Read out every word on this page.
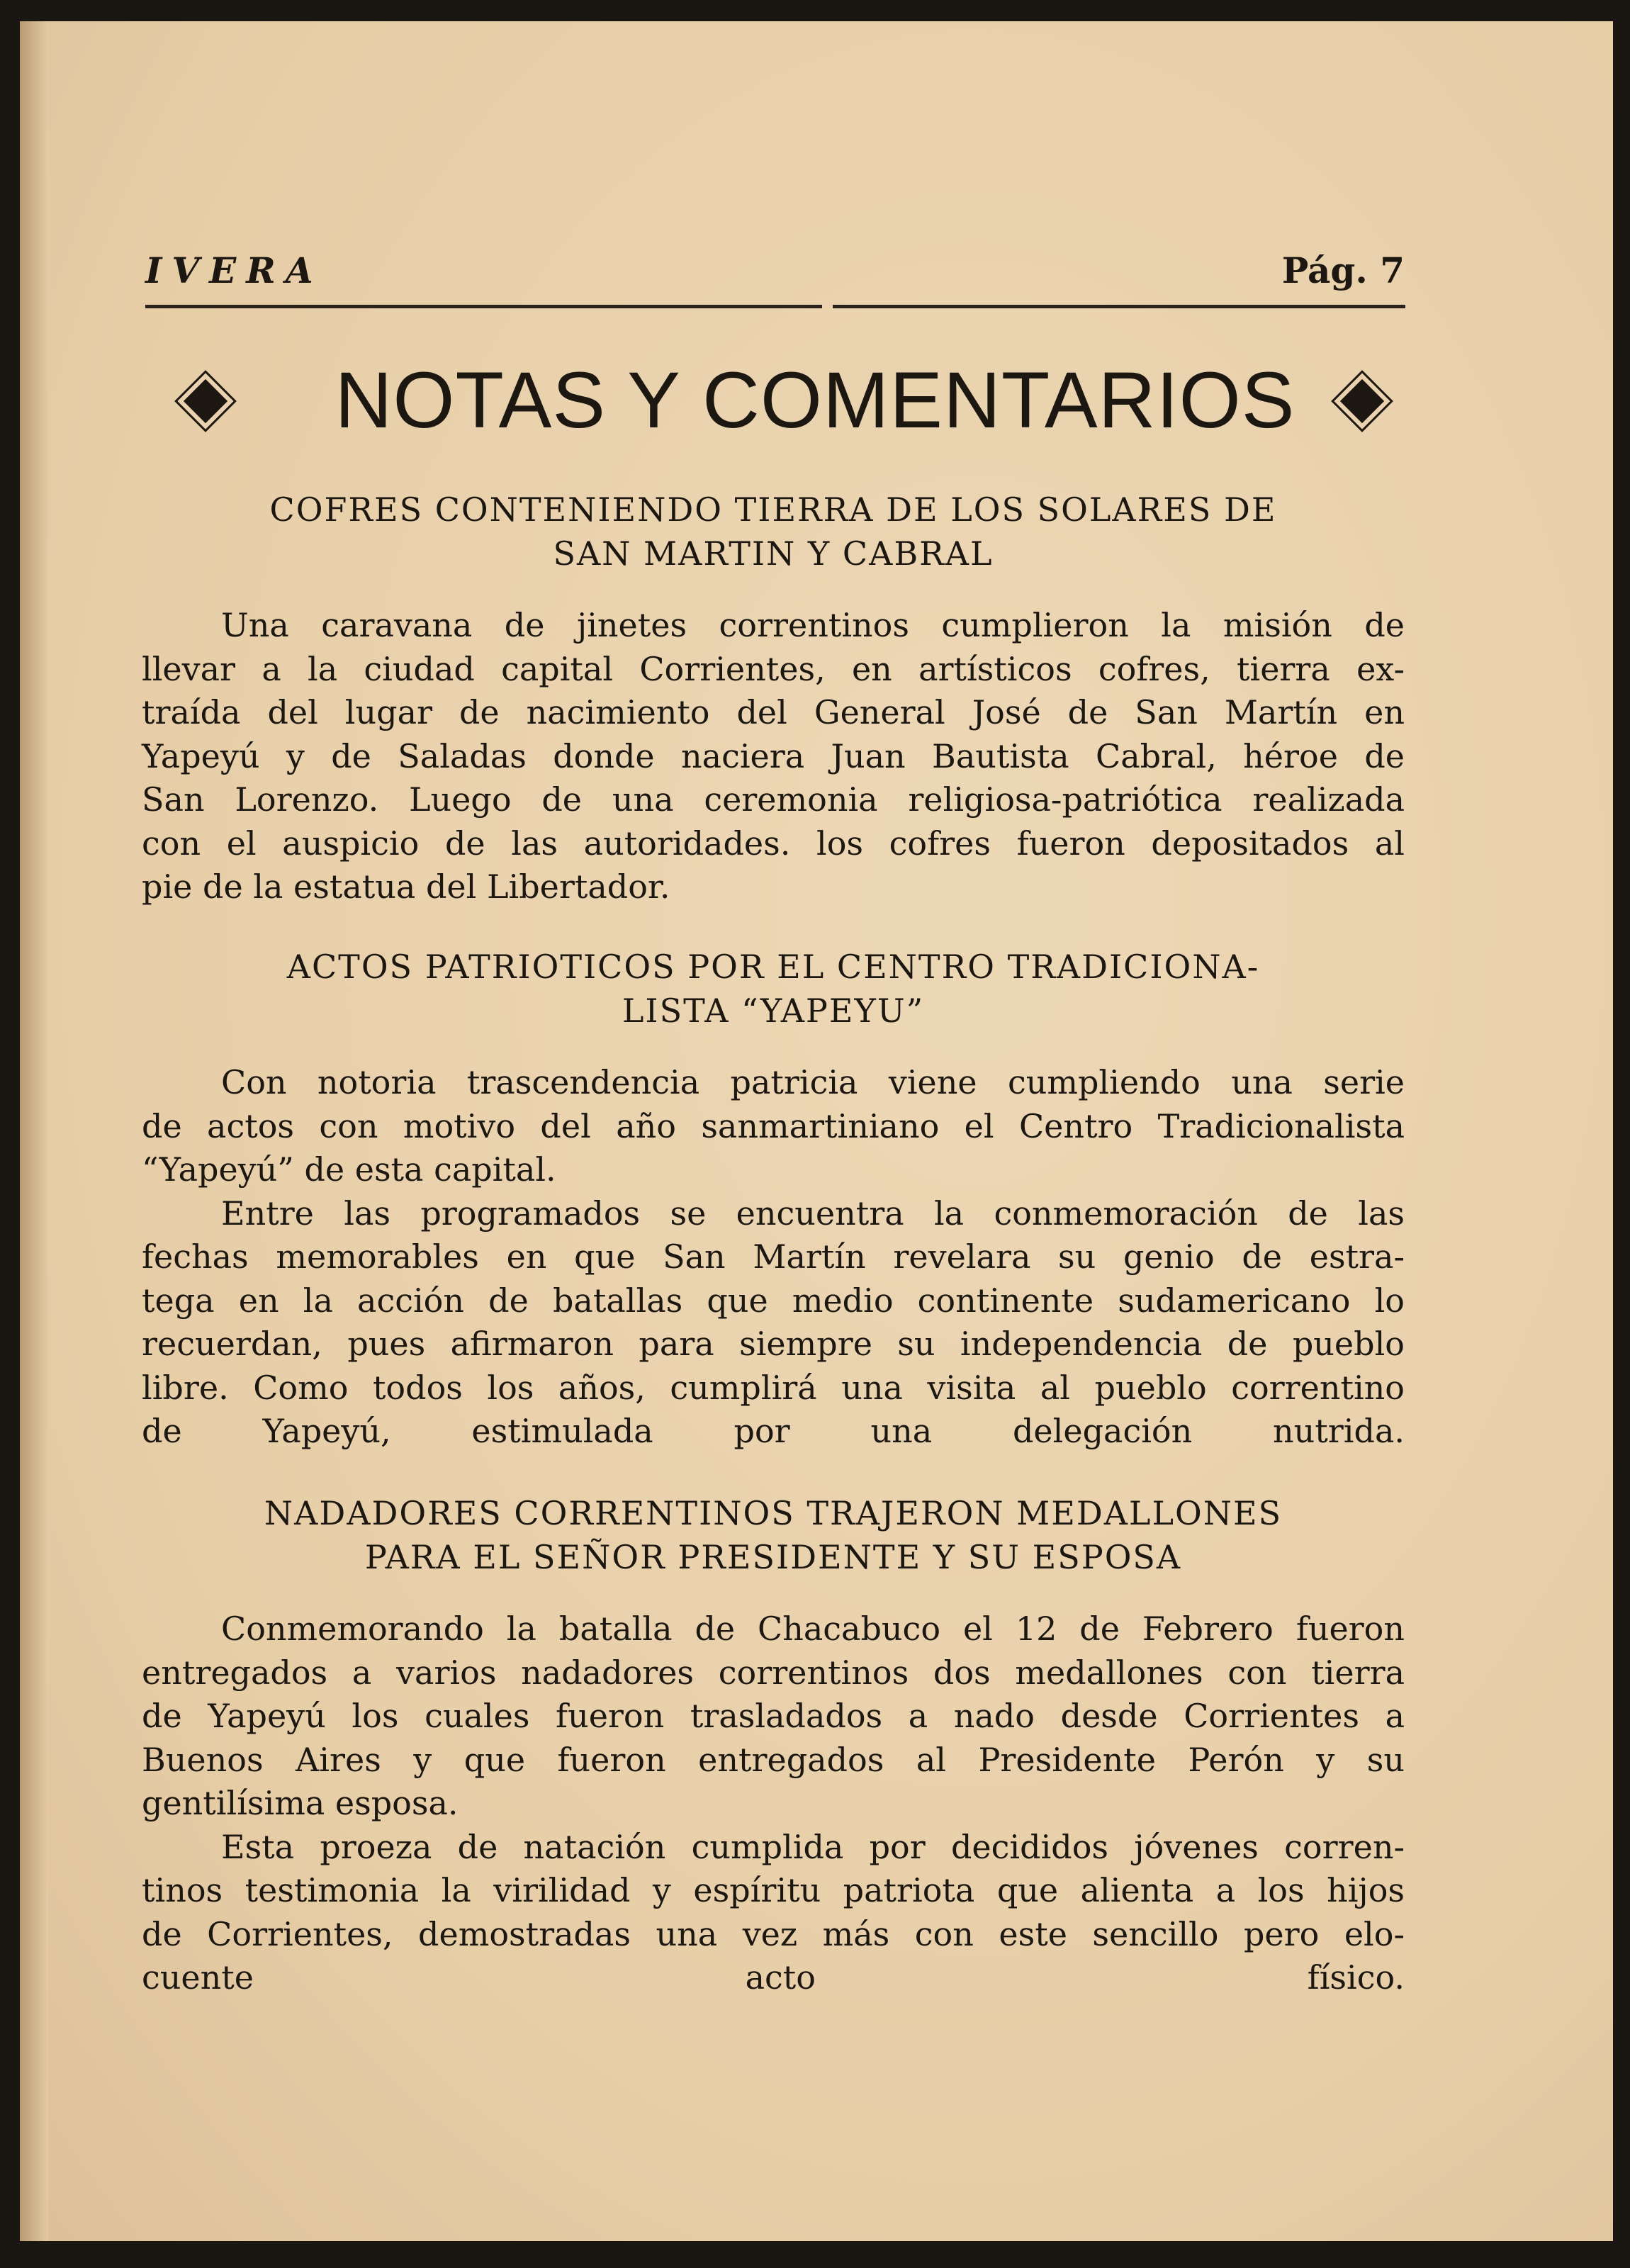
IVERA	Pág. 7
NOTAS Y COMENTARIOS
COFRES CONTENIENDO TIERRA DE LOS SOLARES DE
SAN MARTIN Y CABRAL
Una caravana de jinetes correntinos cumplieron la misión de
llevar a la ciudad capital Corrientes, en artísticos cofres, tierra ex-
traída del lugar de nacimiento del General José de San Martín en
Yapeyú y de Saladas donde naciera Juan Bautista Cabral, héroe de
San Lorenzo. Luego de una ceremonia religiosa-patriótica realizada
con el auspicio de las autoridades. los cofres fueron depositados al
pie de la estatua del Libertador.
ACTOS PATRIOTICOS POR EL CENTRO TRADICIONA-
LISTA “YAPEYU”
Con notoria trascendencia patricia viene cumpliendo una serie
de actos con motivo del año sanmartiniano el Centro Tradicionalista
“Yapeyú” de esta capital.
Entre las programados se encuentra la conmemoración de las
fechas memorables en que San Martín revelara su genio de estra-
tega en la acción de batallas que medio continente sudamericano lo
recuerdan, pues afirmaron para siempre su independencia de pueblo
libre. Como todos los años, cumplirá una visita al pueblo correntino
de Yapeyú, estimulada por una delegación nutrida.
NADADORES CORRENTINOS TRAJERON MEDALLONES
PARA EL SEÑOR PRESIDENTE Y SU ESPOSA
Conmemorando la batalla de Chacabuco el 12 de Febrero fueron
entregados a varios nadadores correntinos dos medallones con tierra
de Yapeyú los cuales fueron trasladados a nado desde Corrientes a
Buenos Aires y que fueron entregados al Presidente Perón y su
gentilísima esposa.
Esta proeza de natación cumplida por decididos jóvenes corren-
tinos testimonia la virilidad y espíritu patriota que alienta a los hijos
de Corrientes, demostradas una vez más con este sencillo pero elo-
cuente acto físico.
